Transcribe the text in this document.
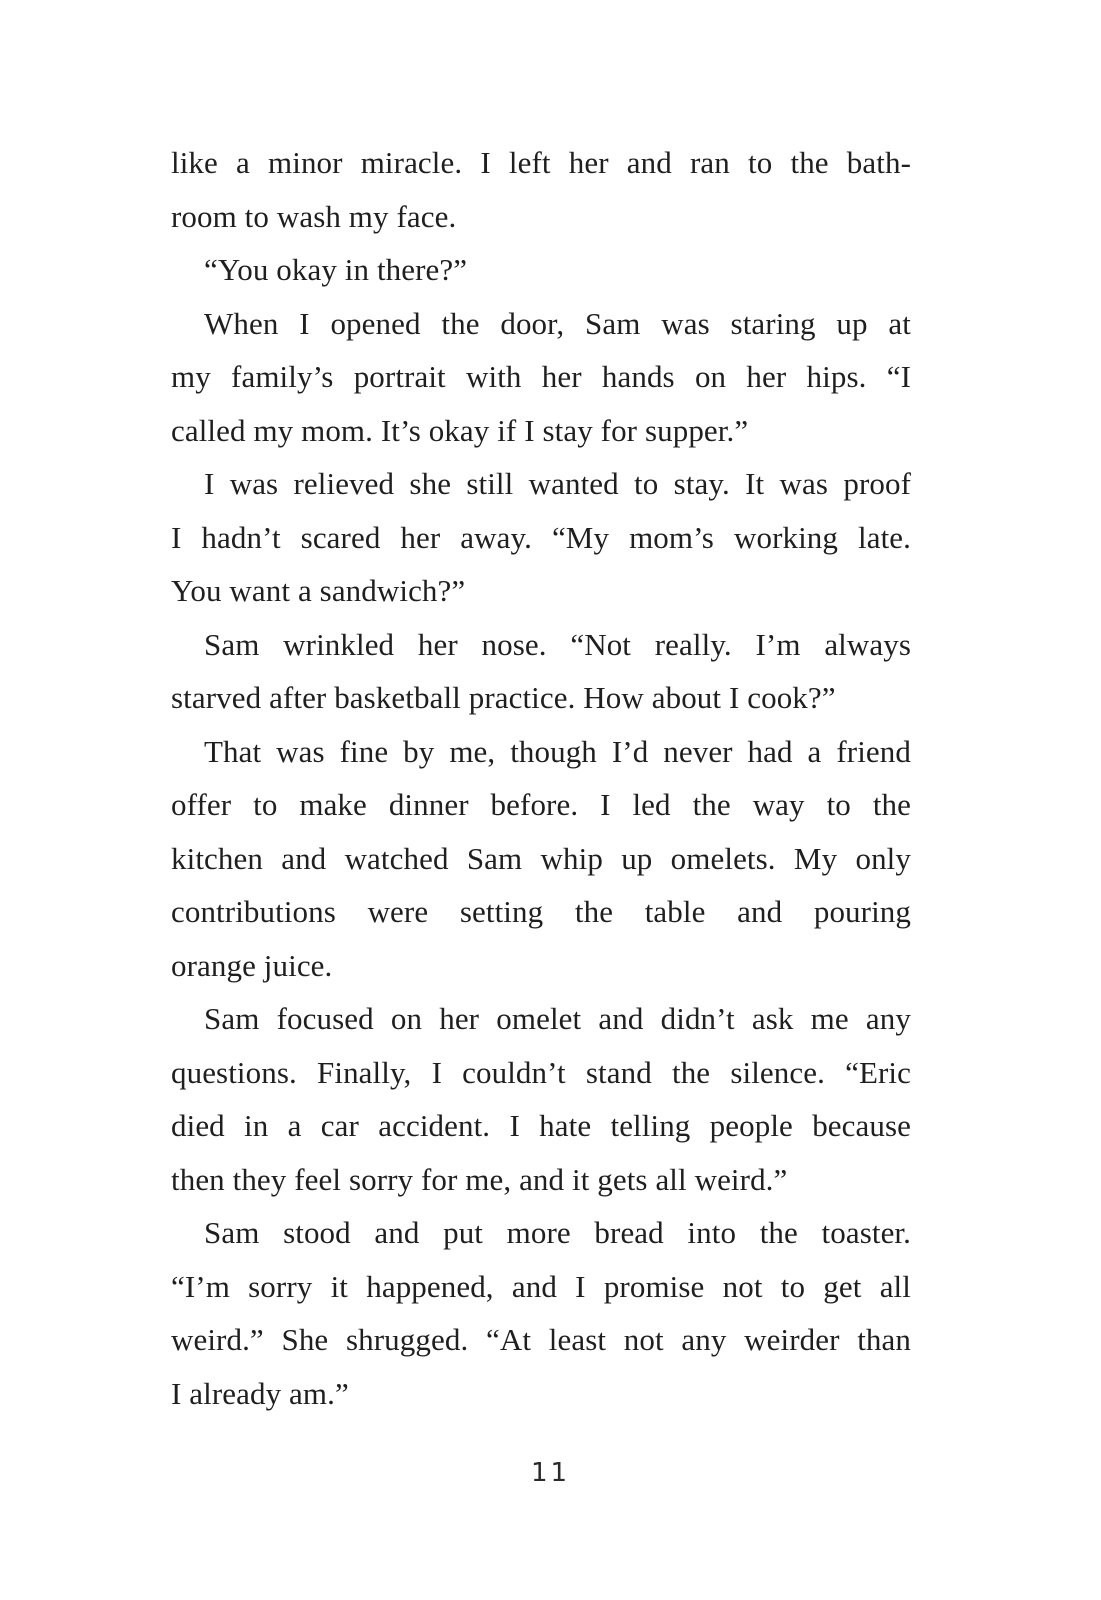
like a minor miracle. I left her and ran to the bath-
room to wash my face.
“You okay in there?”
When I opened the door, Sam was staring up at
my family’s portrait with her hands on her hips. “I
called my mom. It’s okay if I stay for supper.”
I was relieved she still wanted to stay. It was proof
I hadn’t scared her away. “My mom’s working late.
You want a sandwich?”
Sam wrinkled her nose. “Not really. I’m always
starved after basketball practice. How about I cook?”
That was fine by me, though I’d never had a friend
offer to make dinner before. I led the way to the
kitchen and watched Sam whip up omelets. My only
contributions were setting the table and pouring
orange juice.
Sam focused on her omelet and didn’t ask me any
questions. Finally, I couldn’t stand the silence. “Eric
died in a car accident. I hate telling people because
then they feel sorry for me, and it gets all weird.”
Sam stood and put more bread into the toaster.
“I’m sorry it happened, and I promise not to get all
weird.” She shrugged. “At least not any weirder than
I already am.”
11
